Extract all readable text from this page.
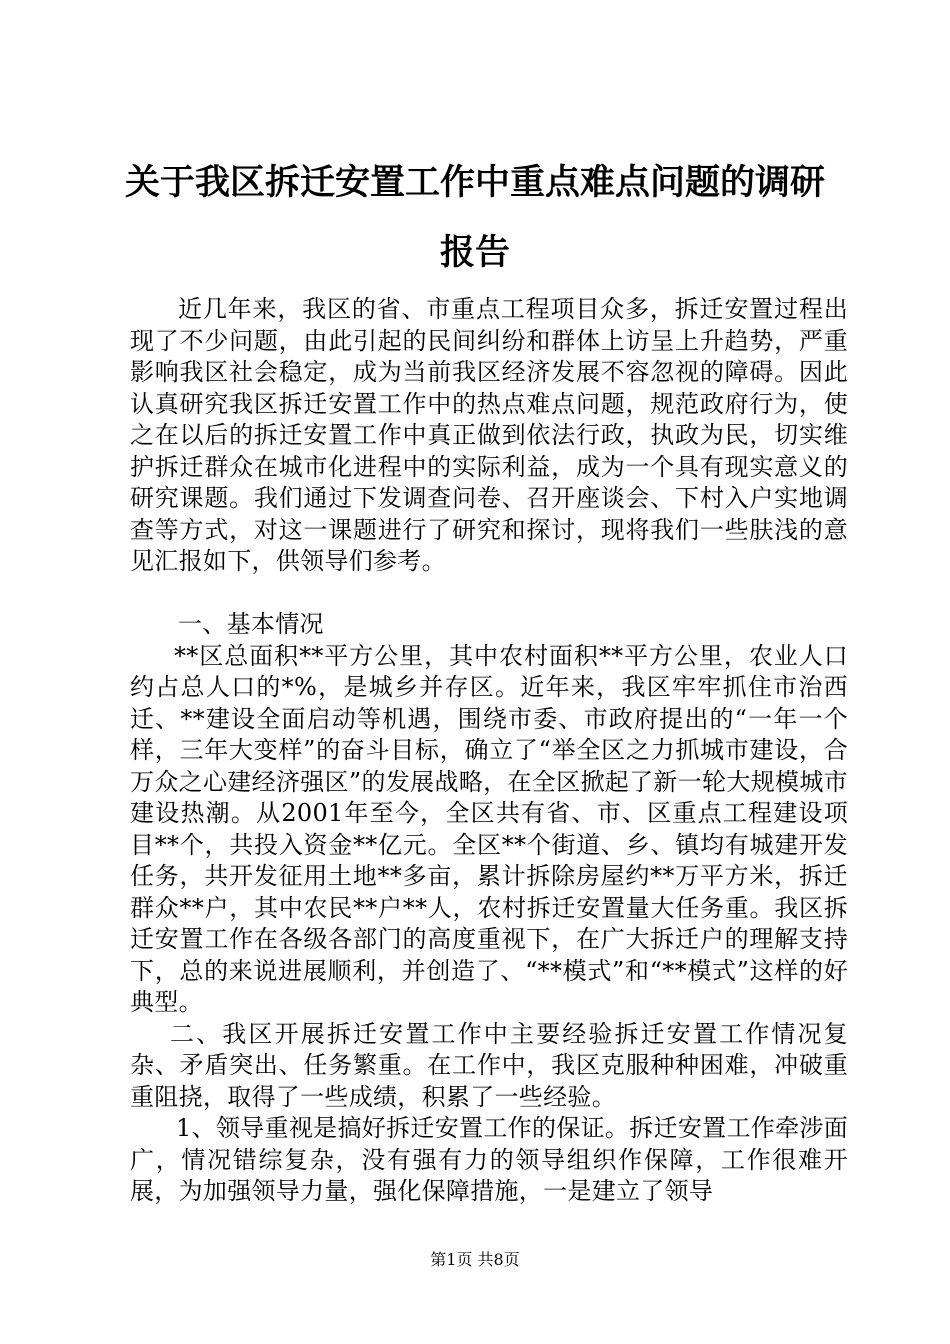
关于我区拆迁安置工作中重点难点问题的调研报告

近几年来，我区的省、市重点工程项目众多，拆迁安置过程出现了不少问题，由此引起的民间纠纷和群体上访呈上升趋势，严重影响我区社会稳定，成为当前我区经济发展不容忽视的障碍。因此认真研究我区拆迁安置工作中的热点难点问题，规范政府行为，使之在以后的拆迁安置工作中真正做到依法行政，执政为民，切实维护拆迁群众在城市化进程中的实际利益，成为一个具有现实意义的研究课题。我们通过下发调查问卷、召开座谈会、下村入户实地调查等方式，对这一课题进行了研究和探讨，现将我们一些肤浅的意见汇报如下，供领导们参考。

一、基本情况

**区总面积**平方公里，其中农村面积**平方公里，农业人口约占总人口的*%，是城乡并存区。近年来，我区牢牢抓住市治西迁、**建设全面启动等机遇，围绕市委、市政府提出的“一年一个样，三年大变样”的奋斗目标，确立了“举全区之力抓城市建设，合万众之心建经济强区”的发展战略，在全区掀起了新一轮大规模城市建设热潮。从2001年至今，全区共有省、市、区重点工程建设项目**个，共投入资金**亿元。全区**个街道、乡、镇均有城建开发任务，共开发征用土地**多亩，累计拆除房屋约**万平方米，拆迁群众**户，其中农民**户**人，农村拆迁安置量大任务重。我区拆迁安置工作在各级各部门的高度重视下，在广大拆迁户的理解支持下，总的来说进展顺利，并创造了、“**模式”和“**模式”这样的好典型。

二、我区开展拆迁安置工作中主要经验拆迁安置工作情况复杂、矛盾突出、任务繁重。在工作中，我区克服种种困难，冲破重重阻挠，取得了一些成绩，积累了一些经验。

1、领导重视是搞好拆迁安置工作的保证。拆迁安置工作牵涉面广，情况错综复杂，没有强有力的领导组织作保障，工作很难开展，为加强领导力量，强化保障措施，一是建立了领导

第1页 共8页
